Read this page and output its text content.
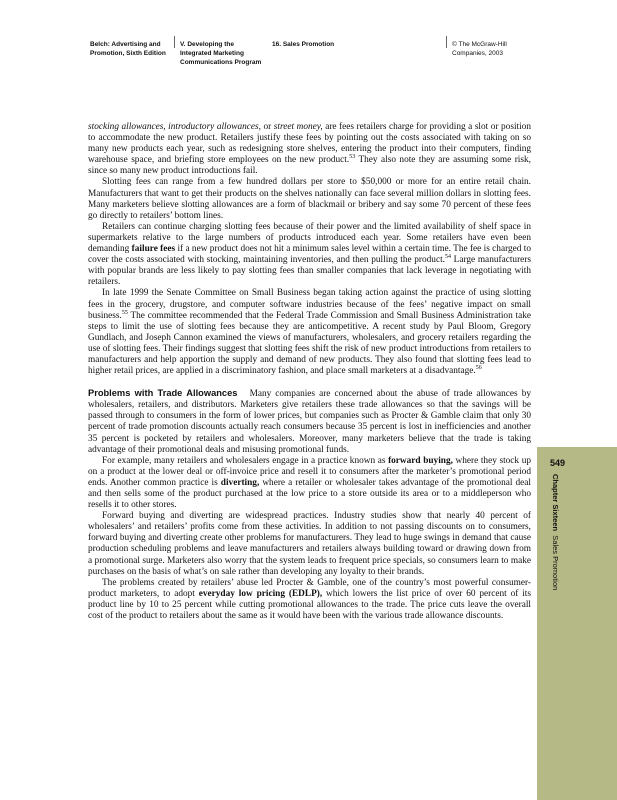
Belch: Advertising and
Promotion, Sixth Edition
V. Developing the
Integrated Marketing
Communications Program
16. Sales Promotion	© The McGraw-Hill
Companies, 2003

stocking allowances, introductory allowances, or street money, are fees retailers charge for providing a slot or position to accommodate the new product. Retailers justify these fees by pointing out the costs associated with taking on so many new products each year, such as redesigning store shelves, entering the product into their computers, finding warehouse space, and briefing store employees on the new product.$^{53}$ They also note they are assuming some risk, since so many new product introductions fail.

Slotting fees can range from a few hundred dollars per store to $50,000 or more for an entire retail chain. Manufacturers that want to get their products on the shelves nationally can face several million dollars in slotting fees. Many marketers believe slotting allowances are a form of blackmail or bribery and say some 70 percent of these fees go directly to retailers’ bottom lines.

Retailers can continue charging slotting fees because of their power and the limited availability of shelf space in supermarkets relative to the large numbers of products introduced each year. Some retailers have even been demanding failure fees if a new product does not hit a minimum sales level within a certain time. The fee is charged to cover the costs associated with stocking, maintaining inventories, and then pulling the product.$^{54}$ Large manufacturers with popular brands are less likely to pay slotting fees than smaller companies that lack leverage in negotiating with retailers.

In late 1999 the Senate Committee on Small Business began taking action against the practice of using slotting fees in the grocery, drugstore, and computer software industries because of the fees’ negative impact on small business.$^{55}$ The committee recommended that the Federal Trade Commission and Small Business Administration take steps to limit the use of slotting fees because they are anticompetitive. A recent study by Paul Bloom, Gregory Gundlach, and Joseph Cannon examined the views of manufacturers, wholesalers, and grocery retailers regarding the use of slotting fees. Their findings suggest that slotting fees shift the risk of new product introductions from retailers to manufacturers and help apportion the supply and demand of new products. They also found that slotting fees lead to higher retail prices, are applied in a discriminatory fashion, and place small marketers at a disadvantage.$^{56}$

Problems with Trade Allowances Many companies are concerned about the abuse of trade allowances by wholesalers, retailers, and distributors. Marketers give retailers these trade allowances so that the savings will be passed through to consumers in the form of lower prices, but companies such as Procter & Gamble claim that only 30 percent of trade promotion discounts actually reach consumers because 35 percent is lost in inefficiencies and another 35 percent is pocketed by retailers and wholesalers. Moreover, many marketers believe that the trade is taking advantage of their promotional deals and misusing promotional funds.

For example, many retailers and wholesalers engage in a practice known as forward buying, where they stock up on a product at the lower deal or off-invoice price and resell it to consumers after the marketer’s promotional period ends. Another common practice is diverting, where a retailer or wholesaler takes advantage of the promotional deal and then sells some of the product purchased at the low price to a store outside its area or to a middleperson who resells it to other stores.

Forward buying and diverting are widespread practices. Industry studies show that nearly 40 percent of wholesalers’ and retailers’ profits come from these activities. In addition to not passing discounts on to consumers, forward buying and diverting create other problems for manufacturers. They lead to huge swings in demand that cause production scheduling problems and leave manufacturers and retailers always building toward or drawing down from a promotional surge. Marketers also worry that the system leads to frequent price specials, so consumers learn to make purchases on the basis of what’s on sale rather than developing any loyalty to their brands.

The problems created by retailers’ abuse led Procter & Gamble, one of the country’s most powerful consumer-product marketers, to adopt everyday low pricing (EDLP), which lowers the list price of over 60 percent of its product line by 10 to 25 percent while cutting promotional allowances to the trade. The price cuts leave the overall cost of the product to retailers about the same as it would have been with the various trade allowance discounts.

549
Chapter Sixteen  Sales Promotion
